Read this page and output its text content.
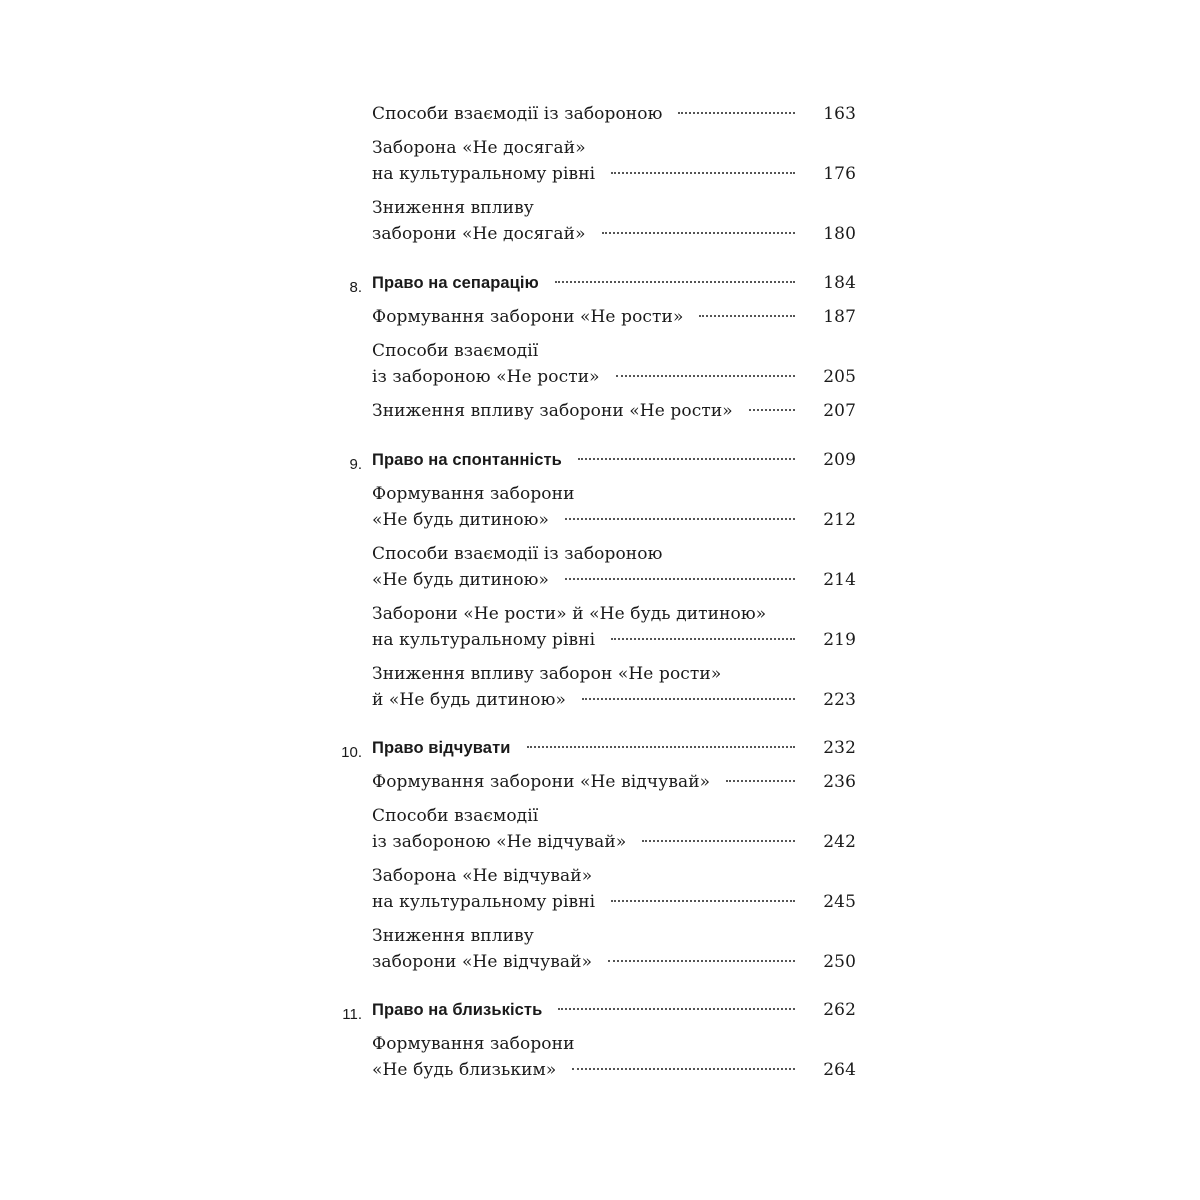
Способи взаємодії із забороною	163
Заборона «Не досягай»
на культуральному рівні	176
Зниження впливу
заборони «Не досягай»	180
8. Право на сепарацію	184
Формування заборони «Не рости»	187
Способи взаємодії
із забороною «Не рости»	205
Зниження впливу заборони «Не рости»	207
9. Право на спонтанність	209
Формування заборони
«Не будь дитиною»	212
Способи взаємодії із забороною
«Не будь дитиною»	214
Заборони «Не рости» й «Не будь дитиною»
на культуральному рівні	219
Зниження впливу заборон «Не рости»
й «Не будь дитиною»	223
10. Право відчувати	232
Формування заборони «Не відчувай»	236
Способи взаємодії
із забороною «Не відчувай»	242
Заборона «Не відчувай»
на культуральному рівні	245
Зниження впливу
заборони «Не відчувай»	250
11. Право на близькість	262
Формування заборони
«Не будь близьким»	264
